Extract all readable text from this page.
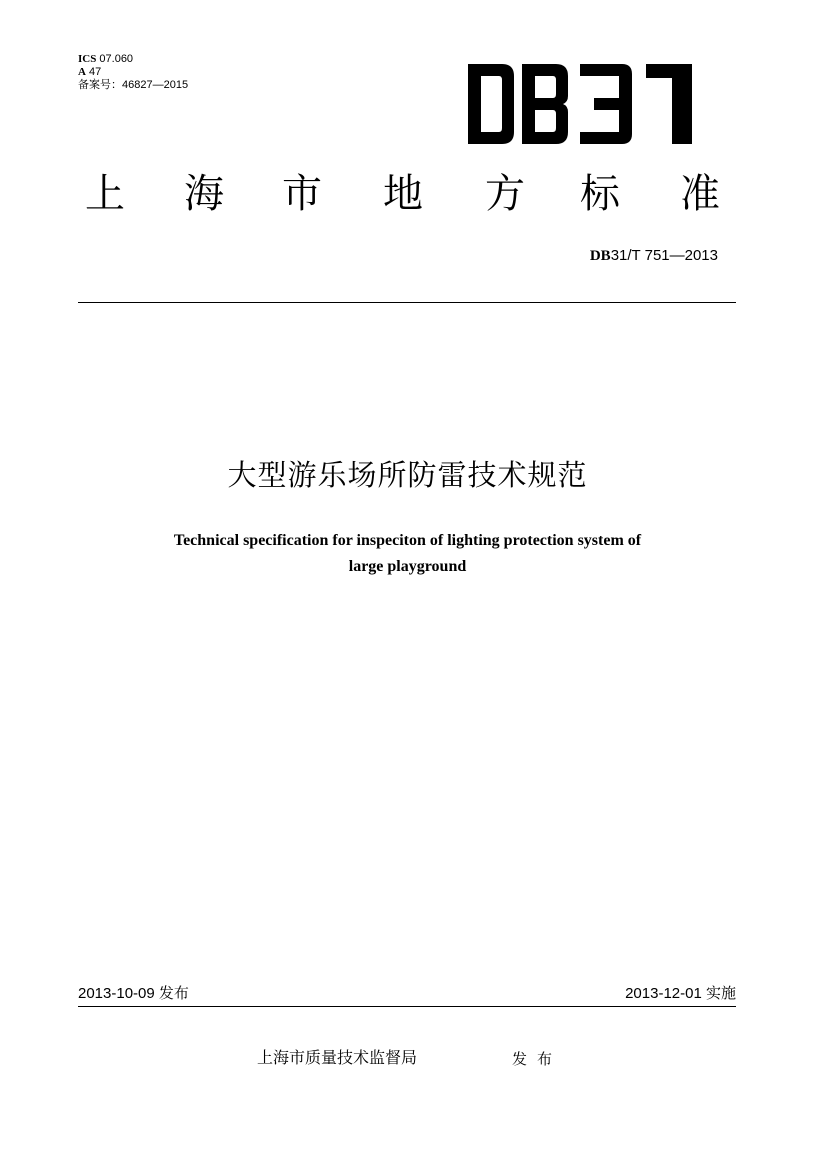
ICS 07.060
A 47
备案号：46827—2015
上 海 市 地 方 标 准
DB31/T 751—2013
大型游乐场所防雷技术规范
Technical specification for inspeciton of lighting protection system of
large playground
2013-10-09 发布	2013-12-01 实施
上海市质量技术监督局	发布
